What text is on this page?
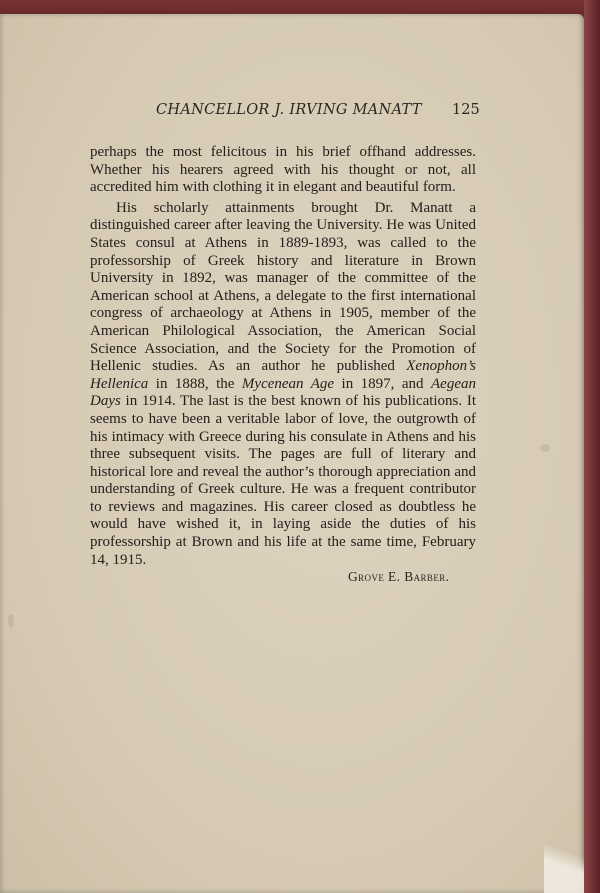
CHANCELLOR J. IRVING MANATT	125

perhaps the most felicitous in his brief offhand addresses. Whether his hearers agreed with his thought or not, all accredited him with clothing it in elegant and beautiful form.

His scholarly attainments brought Dr. Manatt a distinguished career after leaving the University. He was United States consul at Athens in 1889-1893, was called to the professorship of Greek history and literature in Brown University in 1892, was manager of the committee of the American school at Athens, a delegate to the first international congress of archaeology at Athens in 1905, member of the American Philological Association, the American Social Science Association, and the Society for the Promotion of Hellenic studies. As an author he published Xenophon’s Hellenica in 1888, the Mycenean Age in 1897, and Aegean Days in 1914. The last is the best known of his publications. It seems to have been a veritable labor of love, the outgrowth of his intimacy with Greece during his consulate in Athens and his three subsequent visits. The pages are full of literary and historical lore and reveal the author’s thorough appreciation and understanding of Greek culture. He was a frequent contributor to reviews and magazines. His career closed as doubtless he would have wished it, in laying aside the duties of his professorship at Brown and his life at the same time, February 14, 1915.

Grove E. Barber.
